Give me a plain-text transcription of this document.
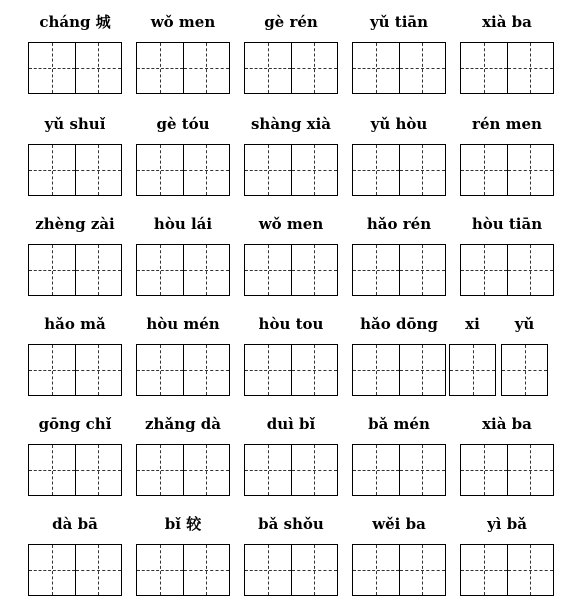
cháng 城	wǒ men	gè rén	yǔ tiān	xià ba
yǔ shuǐ	gè tóu	shàng xià	yǔ hòu	rén men
zhèng zài	hòu lái	wǒ men	hǎo rén	hòu tiān
hǎo mǎ	hòu mén	hòu tou	hǎo dōng	xi	yǔ
gōng chǐ	zhǎng dà	duì bǐ	bǎ mén	xià ba
dà bā	bǐ 较	bǎ shǒu	wěi ba	yì bǎ
